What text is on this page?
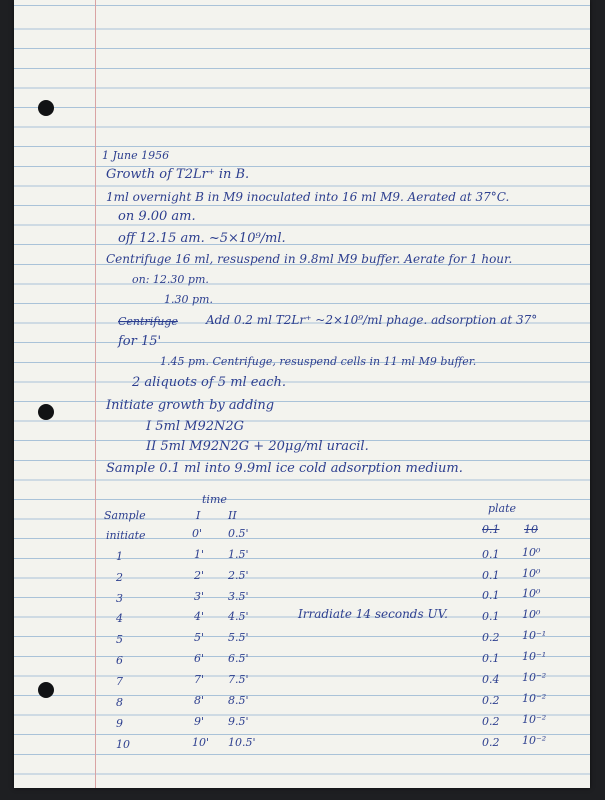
1 June 1956
Growth of T2Lr⁺ in B.
1ml overnight B in M9 inoculated into 16 ml M9. Aerated at 37°C.
on 9.00 am.
off 12.15 am. ~5×10⁹/ml.
Centrifuge 16 ml, resuspend in 9.8ml M9 buffer. Aerate for 1 hour.
on: 12.30 pm.
1.30 pm.
Centrifuge Add 0.2 ml T2Lr⁺ ~2×10⁹/ml phage. adsorption at 37°
for 15'
1.45 pm. Centrifuge, resuspend cells in 11 ml M9 buffer.
2 aliquots of 5 ml each.
Initiate growth by adding
I 5ml M92N2G
II 5ml M92N2G + 20μg/ml uracil.
Sample 0.1 ml into 9.9ml ice cold adsorption medium.
time
Sample	I	II
plate
0.1 10
Irradiate 14 seconds UV.
initiate	0' 0.5'
1	1' 1.5'	0.1 10⁰
2	2' 2.5'	0.1 10⁰
3	3' 3.5'	0.1 10⁰
4	4' 4.5'	0.1 10⁰
5	5' 5.5'	0.2 10⁻¹
6	6' 6.5'	0.1 10⁻¹
7	7' 7.5'	0.4 10⁻²
8	8' 8.5'	0.2 10⁻²
9	9' 9.5'	0.2 10⁻²
10	10' 10.5'	0.2 10⁻²
